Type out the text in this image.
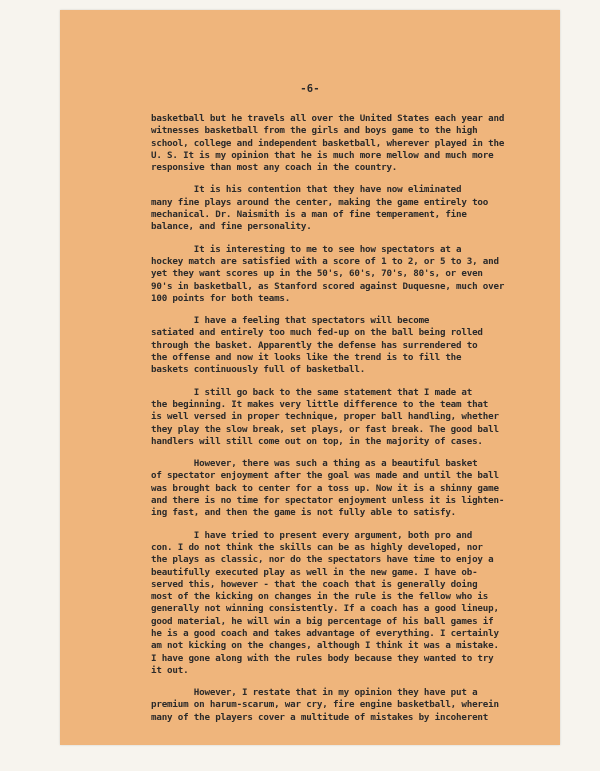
-6-
basketball but he travels all over the United States each year and
witnesses basketball from the girls and boys game to the high
school, college and independent basketball, wherever played in the
U. S. It is my opinion that he is much more mellow and much more
responsive than most any coach in the country.
It is his contention that they have now eliminated
many fine plays around the center, making the game entirely too
mechanical. Dr. Naismith is a man of fine temperament, fine
balance, and fine personality.
It is interesting to me to see how spectators at a
hockey match are satisfied with a score of 1 to 2, or 5 to 3, and
yet they want scores up in the 50's, 60's, 70's, 80's, or even
90's in basketball, as Stanford scored against Duquesne, much over
100 points for both teams.
I have a feeling that spectators will become
satiated and entirely too much fed-up on the ball being rolled
through the basket. Apparently the defense has surrendered to
the offense and now it looks like the trend is to fill the
baskets continuously full of basketball.
I still go back to the same statement that I made at
the beginning. It makes very little difference to the team that
is well versed in proper technique, proper ball handling, whether
they play the slow break, set plays, or fast break. The good ball
handlers will still come out on top, in the majority of cases.
However, there was such a thing as a beautiful basket
of spectator enjoyment after the goal was made and until the ball
was brought back to center for a toss up. Now it is a shinny game
and there is no time for spectator enjoyment unless it is lighten-
ing fast, and then the game is not fully able to satisfy.
I have tried to present every argument, both pro and
con. I do not think the skills can be as highly developed, nor
the plays as classic, nor do the spectators have time to enjoy a
beautifully executed play as well in the new game. I have ob-
served this, however - that the coach that is generally doing
most of the kicking on changes in the rule is the fellow who is
generally not winning consistently. If a coach has a good lineup,
good material, he will win a big percentage of his ball games if
he is a good coach and takes advantage of everything. I certainly
am not kicking on the changes, although I think it was a mistake.
I have gone along with the rules body because they wanted to try
it out.
However, I restate that in my opinion they have put a
premium on harum-scarum, war cry, fire engine basketball, wherein
many of the players cover a multitude of mistakes by incoherent
